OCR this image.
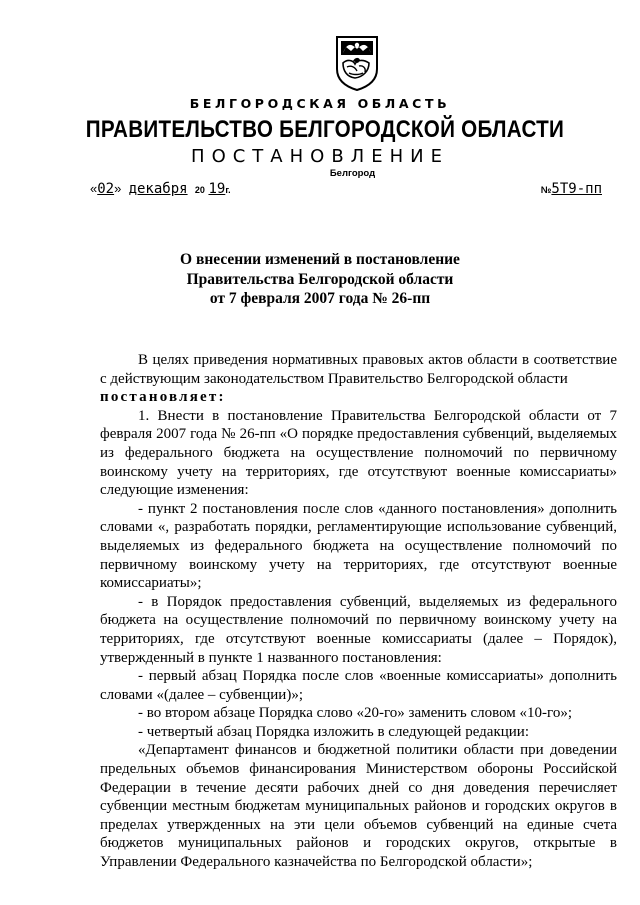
БЕЛГОРОДСКАЯ ОБЛАСТЬ
ПРАВИТЕЛЬСТВО БЕЛГОРОДСКОЙ ОБЛАСТИ
ПОСТАНОВЛЕНИЕ
Белгород
«02» декабря 20 19г.	№5Т9-пп
О внесении изменений в постановление
Правительства Белгородской области
от 7 февраля 2007 года № 26-пп

В целях приведения нормативных правовых актов области в соответствие с действующим законодательством Правительство Белгородской области

постановляет:

1. Внести в постановление Правительства Белгородской области от 7 февраля 2007 года № 26-пп «О порядке предоставления субвенций, выделяемых из федерального бюджета на осуществление полномочий по первичному воинскому учету на территориях, где отсутствуют военные комиссариаты» следующие изменения:

- пункт 2 постановления после слов «данного постановления» дополнить словами «, разработать порядки, регламентирующие использование субвенций, выделяемых из федерального бюджета на осуществление полномочий по первичному воинскому учету на территориях, где отсутствуют военные комиссариаты»;

- в Порядок предоставления субвенций, выделяемых из федерального бюджета на осуществление полномочий по первичному воинскому учету на территориях, где отсутствуют военные комиссариаты (далее – Порядок), утвержденный в пункте 1 названного постановления:

- первый абзац Порядка после слов «военные комиссариаты» дополнить словами «(далее – субвенции)»;

- во втором абзаце Порядка слово «20-го» заменить словом «10-го»;

- четвертый абзац Порядка изложить в следующей редакции:

«Департамент финансов и бюджетной политики области при доведении предельных объемов финансирования Министерством обороны Российской Федерации в течение десяти рабочих дней со дня доведения перечисляет субвенции местным бюджетам муниципальных районов и городских округов в пределах утвержденных на эти цели объемов субвенций на единые счета бюджетов муниципальных районов и городских округов, открытые в Управлении Федерального казначейства по Белгородской области»;
